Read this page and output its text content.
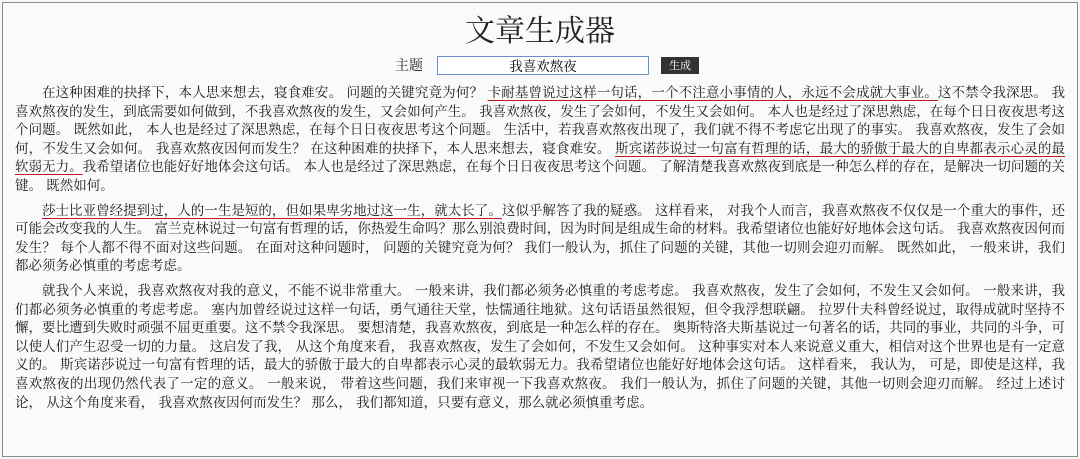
文章生成器
主题
我喜欢熬夜	生成

在这种困难的抉择下，本人思来想去，寝食难安。 问题的关键究竟为何？ 卡耐基曾说过这样一句话，一个不注意小事情的人，永远不会成就大事业。这不禁令我深思。 我喜欢熬夜的发生，到底需要如何做到，不我喜欢熬夜的发生，又会如何产生。 我喜欢熬夜，发生了会如何，不发生又会如何。 本人也是经过了深思熟虑，在每个日日夜夜思考这个问题。 既然如此， 本人也是经过了深思熟虑，在每个日日夜夜思考这个问题。 生活中，若我喜欢熬夜出现了，我们就不得不考虑它出现了的事实。 我喜欢熬夜，发生了会如何，不发生又会如何。 我喜欢熬夜因何而发生？ 在这种困难的抉择下，本人思来想去，寝食难安。 斯宾诺莎说过一句富有哲理的话，最大的骄傲于最大的自卑都表示心灵的最软弱无力。我希望诸位也能好好地体会这句话。 本人也是经过了深思熟虑，在每个日日夜夜思考这个问题。 了解清楚我喜欢熬夜到底是一种怎么样的存在，是解决一切问题的关键。 既然如何。

莎士比亚曾经提到过，人的一生是短的，但如果卑劣地过这一生，就太长了。这似乎解答了我的疑惑。 这样看来， 对我个人而言，我喜欢熬夜不仅仅是一个重大的事件，还可能会改变我的人生。 富兰克林说过一句富有哲理的话，你热爱生命吗？那么别浪费时间，因为时间是组成生命的材料。我希望诸位也能好好地体会这句话。 我喜欢熬夜因何而发生？ 每个人都不得不面对这些问题。 在面对这种问题时， 问题的关键究竟为何？ 我们一般认为，抓住了问题的关键，其他一切则会迎刃而解。 既然如此， 一般来讲，我们都必须务必慎重的考虑考虑。

就我个人来说，我喜欢熬夜对我的意义，不能不说非常重大。 一般来讲，我们都必须务必慎重的考虑考虑。 我喜欢熬夜，发生了会如何，不发生又会如何。 一般来讲，我们都必须务必慎重的考虑考虑。 塞内加曾经说过这样一句话，勇气通往天堂，怯懦通往地狱。这句话语虽然很短，但令我浮想联翩。 拉罗什夫科曾经说过，取得成就时坚持不懈，要比遭到失败时顽强不屈更重要。这不禁令我深思。 要想清楚，我喜欢熬夜，到底是一种怎么样的存在。 奥斯特洛夫斯基说过一句著名的话，共同的事业，共同的斗争，可以使人们产生忍受一切的力量。 这启发了我， 从这个角度来看， 我喜欢熬夜，发生了会如何，不发生又会如何。 这种事实对本人来说意义重大，相信对这个世界也是有一定意义的。 斯宾诺莎说过一句富有哲理的话，最大的骄傲于最大的自卑都表示心灵的最软弱无力。我希望诸位也能好好地体会这句话。 这样看来， 我认为， 可是，即使是这样，我喜欢熬夜的出现仍然代表了一定的意义。 一般来说， 带着这些问题，我们来审视一下我喜欢熬夜。 我们一般认为，抓住了问题的关键，其他一切则会迎刃而解。 经过上述讨论， 从这个角度来看， 我喜欢熬夜因何而发生？ 那么， 我们都知道，只要有意义，那么就必须慎重考虑。
